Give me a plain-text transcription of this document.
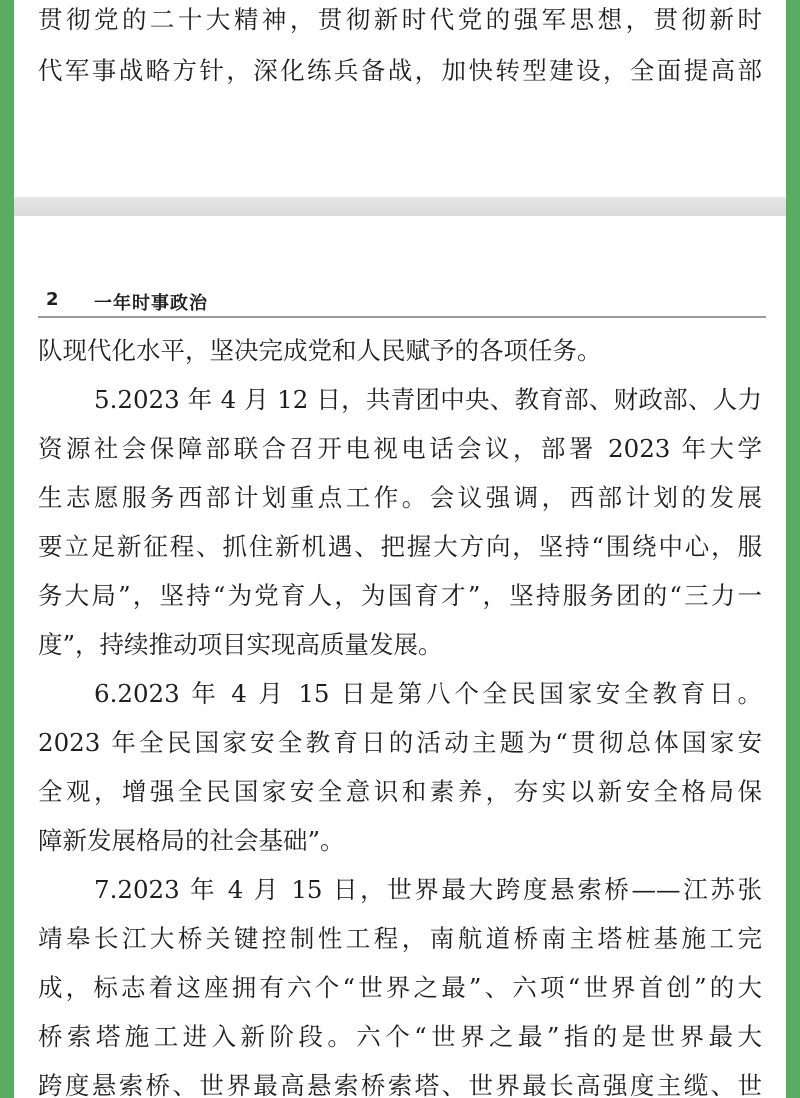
贯彻党的二十大精神，贯彻新时代党的强军思想，贯彻新时

代军事战略方针，深化练兵备战，加快转型建设，全面提高部

2 一年时事政治

队现代化水平，坚决完成党和人民赋予的各项任务。

5.2023 年 4 月 12 日，共青团中央、教育部、财政部、人力

资源社会保障部联合召开电视电话会议，部署 2023 年大学

生志愿服务西部计划重点工作。会议强调，西部计划的发展

要立足新征程、抓住新机遇、把握大方向，坚持“围绕中心，服

务大局”，坚持“为党育人，为国育才”，坚持服务团的“三力一

度”，持续推动项目实现高质量发展。

6.2023 年 4 月 15 日是第八个全民国家安全教育日。

2023 年全民国家安全教育日的活动主题为“贯彻总体国家安

全观，增强全民国家安全意识和素养，夯实以新安全格局保

障新发展格局的社会基础”。

7.2023 年 4 月 15 日，世界最大跨度悬索桥——江苏张

靖皋长江大桥关键控制性工程，南航道桥南主塔桩基施工完

成，标志着这座拥有六个“世界之最”、六项“世界首创”的大

桥索塔施工进入新阶段。六个“世界之最”指的是世界最大

跨度悬索桥、世界最高悬索桥索塔、世界最长高强度主缆、世
